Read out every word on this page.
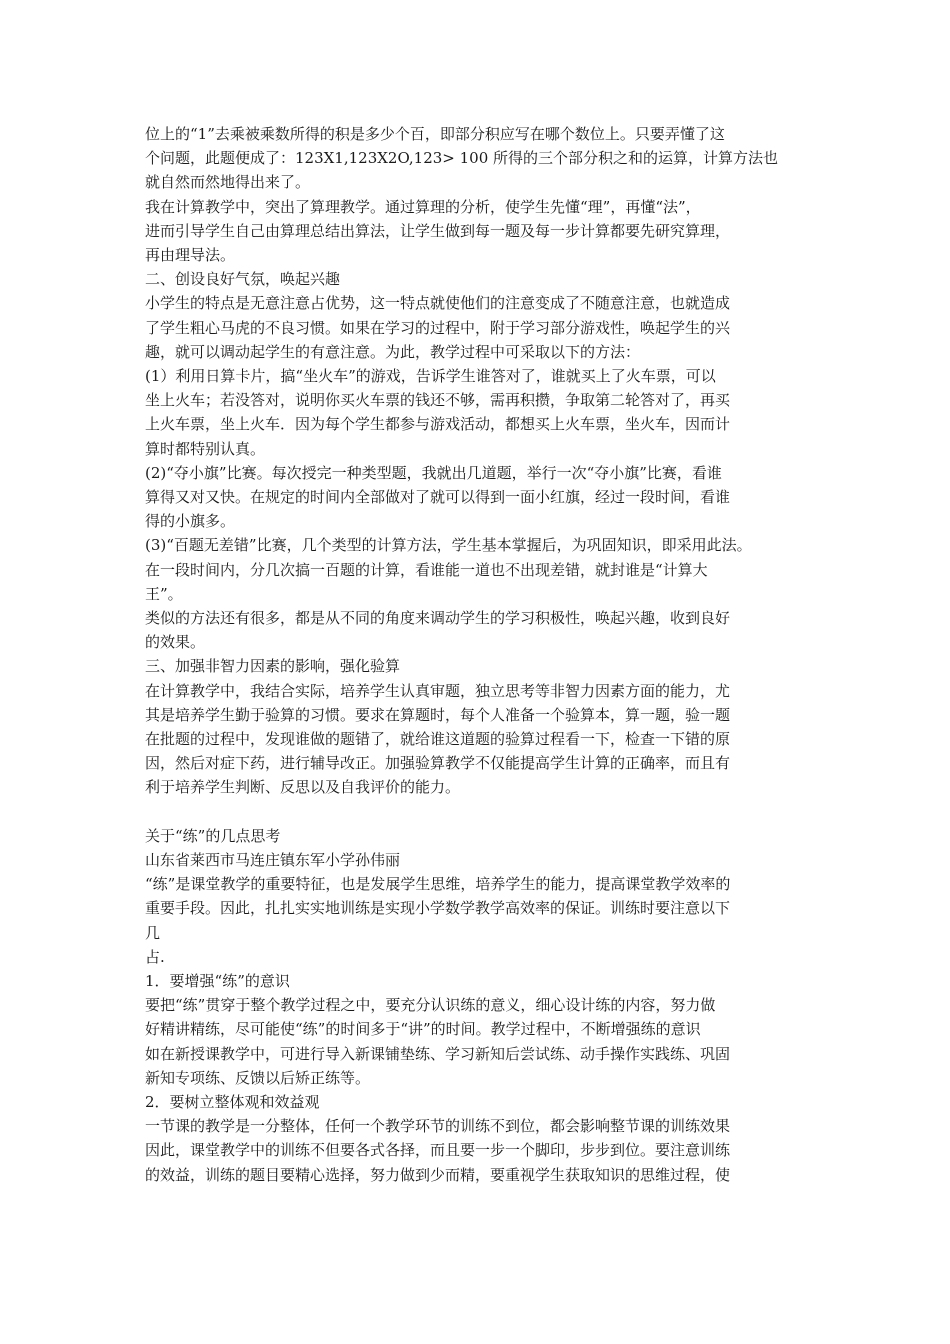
位上的“1”去乘被乘数所得的积是多少个百，即部分积应写在哪个数位上。只要弄懂了这
个问题，此题便成了：123X1,123X2O,123> 100 所得的三个部分积之和的运算，计算方法也
就自然而然地得出来了。
我在计算教学中，突出了算理教学。通过算理的分析，使学生先懂“理”，再懂“法”，
进而引导学生自己由算理总结出算法，让学生做到每一题及每一步计算都要先研究算理，
再由理导法。
二、创设良好气氛，唤起兴趣
小学生的特点是无意注意占优势，这一特点就使他们的注意变成了不随意注意，也就造成
了学生粗心马虎的不良习惯。如果在学习的过程中，附于学习部分游戏性，唤起学生的兴
趣，就可以调动起学生的有意注意。为此，教学过程中可采取以下的方法：
(1）利用日算卡片，搞“坐火车”的游戏，告诉学生谁答对了，谁就买上了火车票，可以
坐上火车；若没答对，说明你买火车票的钱还不够，需再积攒，争取第二轮答对了，再买
上火车票，坐上火车．因为每个学生都参与游戏活动，都想买上火车票，坐火车，因而计
算时都特别认真。
(2)“夺小旗”比赛。每次授完一种类型题，我就出几道题，举行一次“夺小旗”比赛，看谁
算得又对又快。在规定的时间内全部做对了就可以得到一面小红旗，经过一段时间，看谁
得的小旗多。
(3)“百题无差错”比赛，几个类型的计算方法，学生基本掌握后，为巩固知识，即采用此法。
在一段时间内，分几次搞一百题的计算，看谁能一道也不出现差错，就封谁是“计算大
王”。
类似的方法还有很多，都是从不同的角度来调动学生的学习积极性，唤起兴趣，收到良好
的效果。
三、加强非智力因素的影响，强化验算
在计算教学中，我结合实际，培养学生认真审题，独立思考等非智力因素方面的能力，尤
其是培养学生勤于验算的习惯。要求在算题时，每个人准备一个验算本，算一题，验一题
在批题的过程中，发现谁做的题错了，就给谁这道题的验算过程看一下，检查一下错的原
因，然后对症下药，进行辅导改正。加强验算教学不仅能提高学生计算的正确率，而且有
利于培养学生判断、反思以及自我评价的能力。
关于“练”的几点思考
山东省莱西市马连庄镇东军小学孙伟丽
“练”是课堂教学的重要特征，也是发展学生思维，培养学生的能力，提高课堂教学效率的
重要手段。因此，扎扎实实地训练是实现小学数学教学高效率的保证。训练时要注意以下
几
占.
1．要增强“练”的意识
要把“练”贯穿于整个教学过程之中，要充分认识练的意义，细心设计练的内容，努力做
好精讲精练，尽可能使“练”的时间多于“讲”的时间。教学过程中，不断增强练的意识
如在新授课教学中，可进行导入新课铺垫练、学习新知后尝试练、动手操作实践练、巩固
新知专项练、反馈以后矫正练等。
2．要树立整体观和效益观
一节课的教学是一分整体，任何一个教学环节的训练不到位，都会影响整节课的训练效果
因此，课堂教学中的训练不但要各式各择，而且要一步一个脚印，步步到位。要注意训练
的效益，训练的题目要精心选择，努力做到少而精，要重视学生获取知识的思维过程，使
